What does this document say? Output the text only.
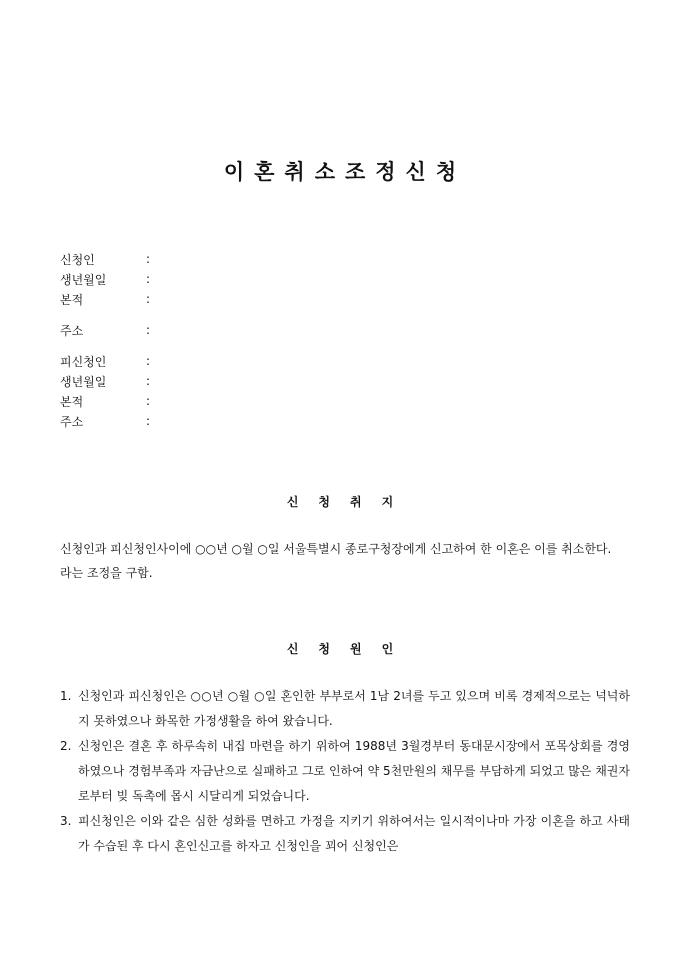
이혼취소조정신청
신청인	:
생년월일	:
본적	:
주소	:
피신청인	:
생년월일	:
본적	:
주소	:
신청취지

신청인과 피신청인사이에 ○○년 ○월 ○일 서울특별시 종로구청장에게 신고하여 한 이혼은 이를 취소한다.

라는 조정을 구함.

신청원인
1. 신청인과 피신청인은 ○○년 ○월 ○일 혼인한 부부로서 1남 2녀를 두고 있으며 비록 경제적으로는 넉넉하지 못하였으나 화목한 가정생활을 하여 왔습니다.
2. 신청인은 결혼 후 하루속히 내집 마련을 하기 위하여 1988년 3월경부터 동대문시장에서 포목상회를 경영하였으나 경험부족과 자금난으로 실패하고 그로 인하여 약 5천만원의 채무를 부담하게 되었고 많은 채권자로부터 빚 독촉에 몹시 시달리게 되었습니다.
3. 피신청인은 이와 같은 심한 성화를 면하고 가정을 지키기 위하여서는 일시적이나마 가장 이혼을 하고 사태가 수습된 후 다시 혼인신고를 하자고 신청인을 꾀어 신청인은
